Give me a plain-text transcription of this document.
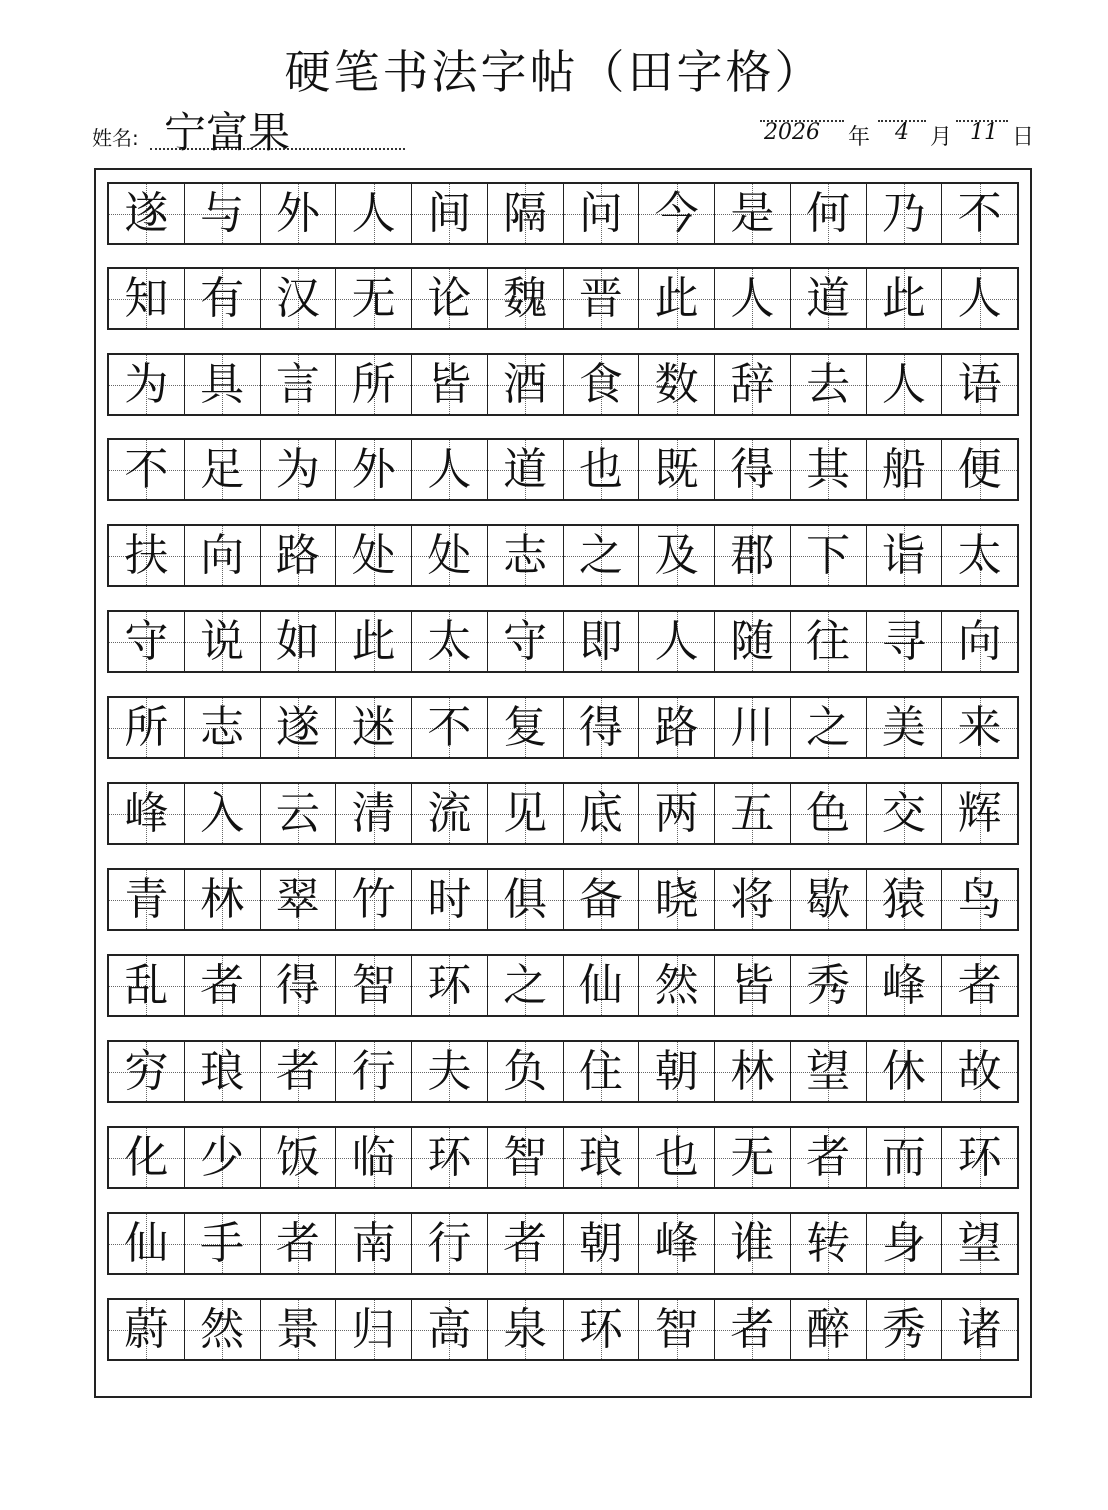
硬笔书法字帖（田字格）
姓名: 宁富果	2026 年 4 月 11 日
遂 与 外 人 间 隔 问 今 是 何 乃 不
知 有 汉 无 论 魏 晋 此 人 道 此 人
为 具 言 所 皆 酒 食 数 辞 去 人 语
不 足 为 外 人 道 也 既 得 其 船 便
扶 向 路 处 处 志 之 及 郡 下 诣 太
守 说 如 此 太 守 即 人 随 往 寻 向
所 志 遂 迷 不 复 得 路 川 之 美 来
峰 入 云 清 流 见 底 两 五 色 交 辉
青 林 翠 竹 时 俱 备 晓 将 歇 猿 鸟
乱 者 得 智 环 之 仙 然 皆 秀 峰 者
穷 琅 者 行 夫 负 住 朝 林 望 休 故
化 少 饭 临 环 智 琅 也 无 者 而 环
仙 手 者 南 行 者 朝 峰 谁 转 身 望
蔚 然 景 归 高 泉 环 智 者 醉 秀 诸
